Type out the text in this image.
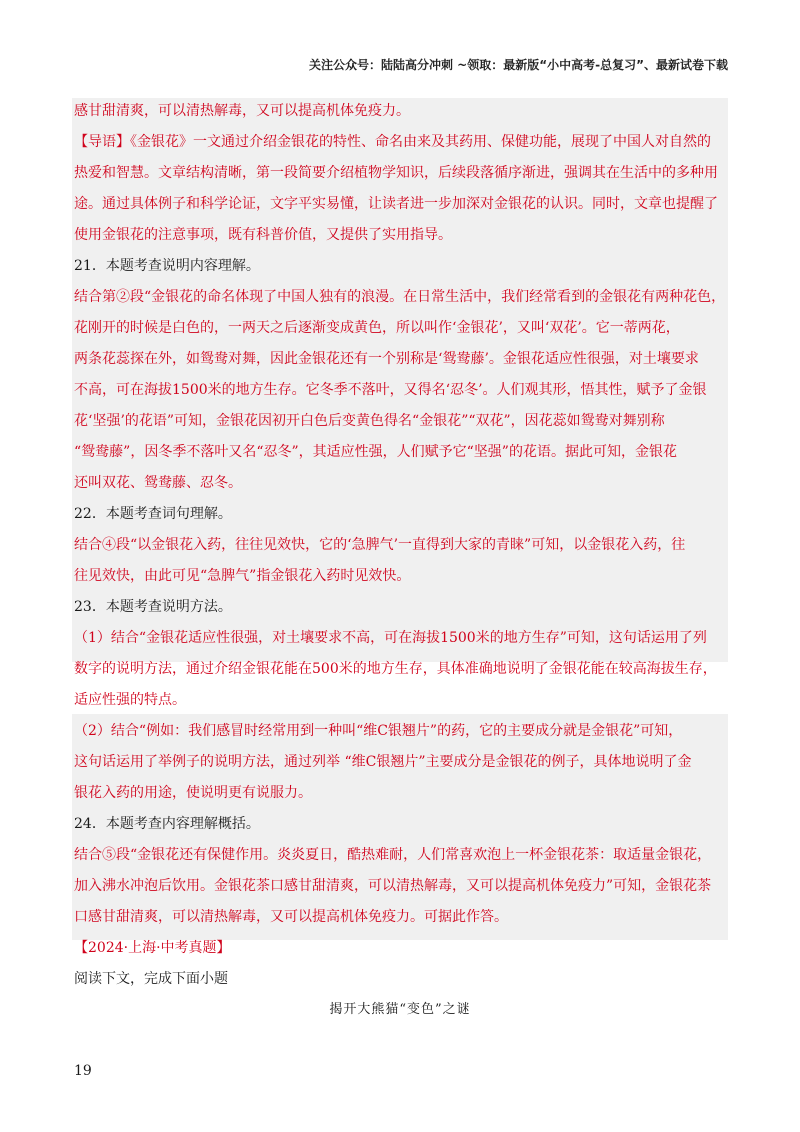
关注公众号：陆陆高分冲刺 ~领取：最新版“小中高考-总复习”、最新试卷下载
感甘甜清爽，可以清热解毒，又可以提高机体免疫力。
【导语】《金银花》一文通过介绍金银花的特性、命名由来及其药用、保健功能，展现了中国人对自然的
热爱和智慧。文章结构清晰，第一段简要介绍植物学知识，后续段落循序渐进，强调其在生活中的多种用
途。通过具体例子和科学论证，文字平实易懂，让读者进一步加深对金银花的认识。同时，文章也提醒了
使用金银花的注意事项，既有科普价值，又提供了实用指导。
21．本题考查说明内容理解。
结合第②段“金银花的命名体现了中国人独有的浪漫。在日常生活中，我们经常看到的金银花有两种花色，
花刚开的时候是白色的，一两天之后逐渐变成黄色，所以叫作‘金银花’，又叫‘双花’。它一蒂两花，
两条花蕊探在外，如鸳鸯对舞，因此金银花还有一个别称是‘鸳鸯藤’。金银花适应性很强，对土壤要求
不高，可在海拔1500米的地方生存。它冬季不落叶，又得名‘忍冬’。人们观其形，悟其性，赋予了金银
花‘坚强’的花语”可知，金银花因初开白色后变黄色得名“金银花”“双花”，因花蕊如鸳鸯对舞别称
“鸳鸯藤”，因冬季不落叶又名“忍冬”，其适应性强，人们赋予它“坚强”的花语。据此可知，金银花
还叫双花、鸳鸯藤、忍冬。
22．本题考查词句理解。
结合④段“以金银花入药，往往见效快，它的‘急脾气’一直得到大家的青睐”可知，以金银花入药，往
往见效快，由此可见“急脾气”指金银花入药时见效快。
23．本题考查说明方法。
（1）结合“金银花适应性很强，对土壤要求不高，可在海拔1500米的地方生存”可知，这句话运用了列
数字的说明方法，通过介绍金银花能在500米的地方生存，具体准确地说明了金银花能在较高海拔生存，
适应性强的特点。
（2）结合“例如：我们感冒时经常用到一种叫“维C银翘片”的药，它的主要成分就是金银花”可知，
这句话运用了举例子的说明方法，通过列举 “维C银翘片”主要成分是金银花的例子，具体地说明了金
银花入药的用途，使说明更有说服力。
24．本题考查内容理解概括。
结合⑤段“金银花还有保健作用。炎炎夏日，酷热难耐，人们常喜欢泡上一杯金银花茶：取适量金银花，
加入沸水冲泡后饮用。金银花茶口感甘甜清爽，可以清热解毒，又可以提高机体免疫力”可知，金银花茶
口感甘甜清爽，可以清热解毒，又可以提高机体免疫力。可据此作答。
【2024·上海·中考真题】
阅读下文，完成下面小题
揭开大熊猫“变色”之谜
19
